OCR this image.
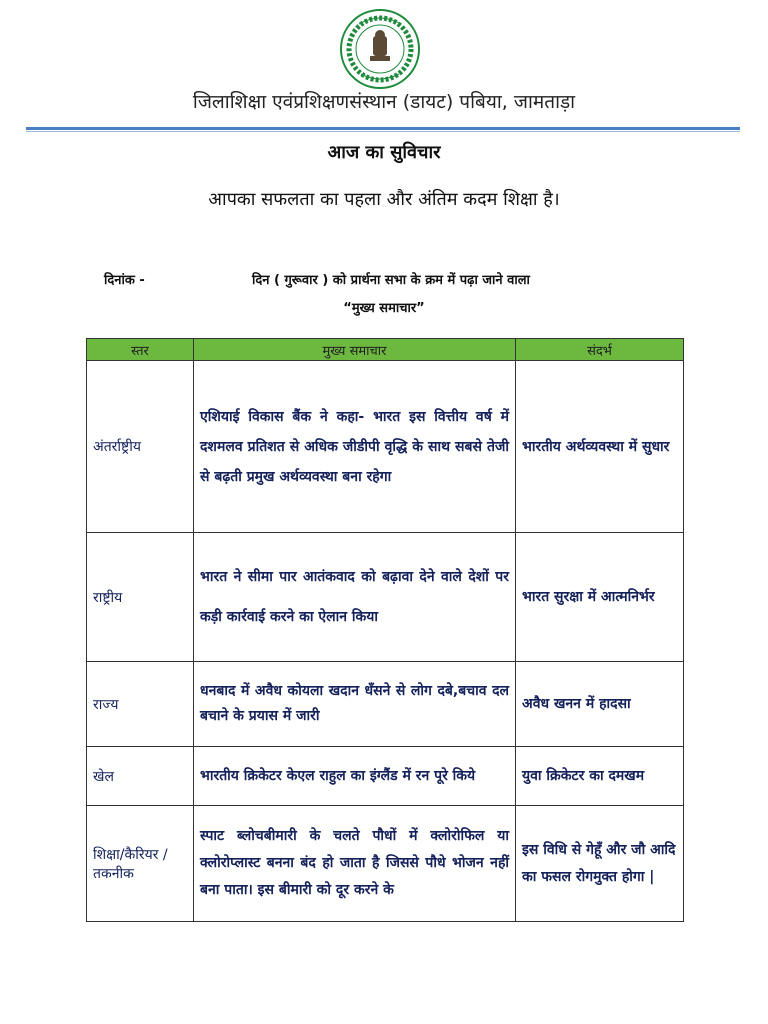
जिलाशिक्षा एवंप्रशिक्षणसंस्थान (डायट) पबिया, जामताड़ा
आज का सुविचार
आपका सफलता का पहला और अंतिम कदम शिक्षा है।
दिनांक -	दिन ( गुरूवार ) को प्रार्थना सभा के क्रम में पढ़ा जाने वाला
“मुख्य समाचार”
स्तर	मुख्य समाचार	संदर्भ
अंतर्राष्ट्रीय	एशियाई विकास बैंक ने कहा- भारत इस वित्तीय वर्ष में दशमलव प्रतिशत से अधिक जीडीपी वृद्धि के साथ सबसे तेजी से बढ़ती प्रमुख अर्थव्यवस्था बना रहेगा	भारतीय अर्थव्यवस्था में सुधार
राष्ट्रीय	भारत ने सीमा पार आतंकवाद को बढ़ावा देने वाले देशों पर कड़ी कार्रवाई करने का ऐलान किया	भारत सुरक्षा में आत्मनिर्भर
राज्य	धनबाद में अवैध कोयला खदान धँसने से लोग दबे,बचाव दल बचाने के प्रयास में जारी	अवैध खनन में हादसा
खेल	भारतीय क्रिकेटर केएल राहुल का इंग्लैंड में रन पूरे किये	युवा क्रिकेटर का दमखम
शिक्षा/कैरियर /तकनीक	स्पाट ब्लोचबीमारी के चलते पौधों में क्लोरोफिल या क्लोरोप्लास्ट बनना बंद हो जाता है जिससे पौधे भोजन नहीं बना पाता। इस बीमारी को दूर करने के	इस विधि से गेहूँ और जौ आदि का फसल रोगमुक्त होगा |
